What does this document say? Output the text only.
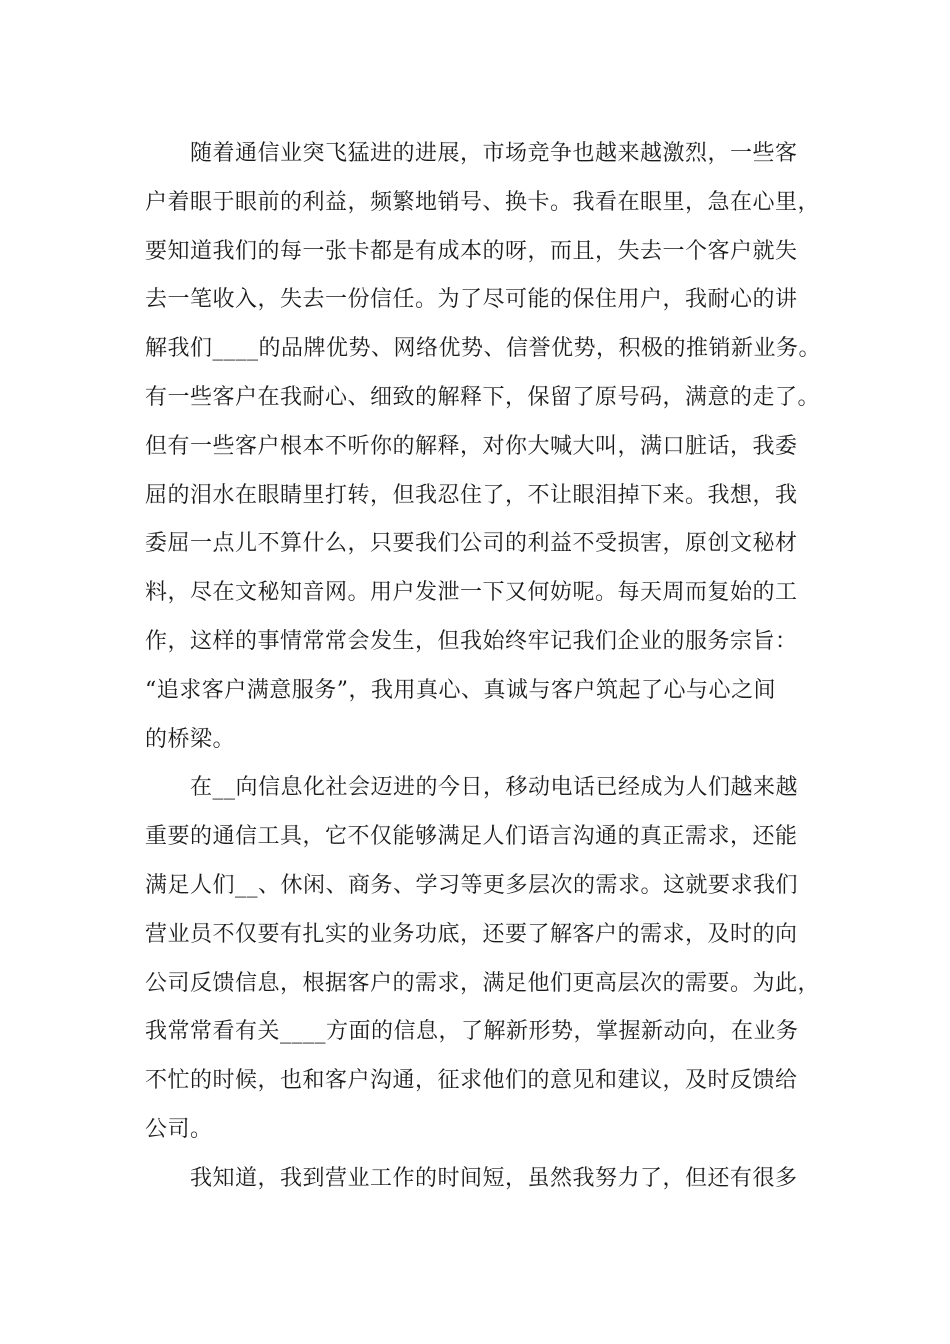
随着通信业突飞猛进的进展，市场竞争也越来越激烈，一些客
户着眼于眼前的利益，频繁地销号、换卡。我看在眼里，急在心里，
要知道我们的每一张卡都是有成本的呀，而且，失去一个客户就失
去一笔收入，失去一份信任。为了尽可能的保住用户，我耐心的讲
解我们____的品牌优势、网络优势、信誉优势，积极的推销新业务。
有一些客户在我耐心、细致的解释下，保留了原号码，满意的走了。
但有一些客户根本不听你的解释，对你大喊大叫，满口脏话，我委
屈的泪水在眼睛里打转，但我忍住了，不让眼泪掉下来。我想，我
委屈一点儿不算什么，只要我们公司的利益不受损害，原创文秘材
料，尽在文秘知音网。用户发泄一下又何妨呢。每天周而复始的工
作，这样的事情常常会发生，但我始终牢记我们企业的服务宗旨：
“追求客户满意服务”，我用真心、真诚与客户筑起了心与心之间
的桥梁。
在__向信息化社会迈进的今日，移动电话已经成为人们越来越
重要的通信工具，它不仅能够满足人们语言沟通的真正需求，还能
满足人们__、休闲、商务、学习等更多层次的需求。这就要求我们
营业员不仅要有扎实的业务功底，还要了解客户的需求，及时的向
公司反馈信息，根据客户的需求，满足他们更高层次的需要。为此，
我常常看有关____方面的信息，了解新形势，掌握新动向，在业务
不忙的时候，也和客户沟通，征求他们的意见和建议，及时反馈给
公司。
我知道，我到营业工作的时间短，虽然我努力了，但还有很多
